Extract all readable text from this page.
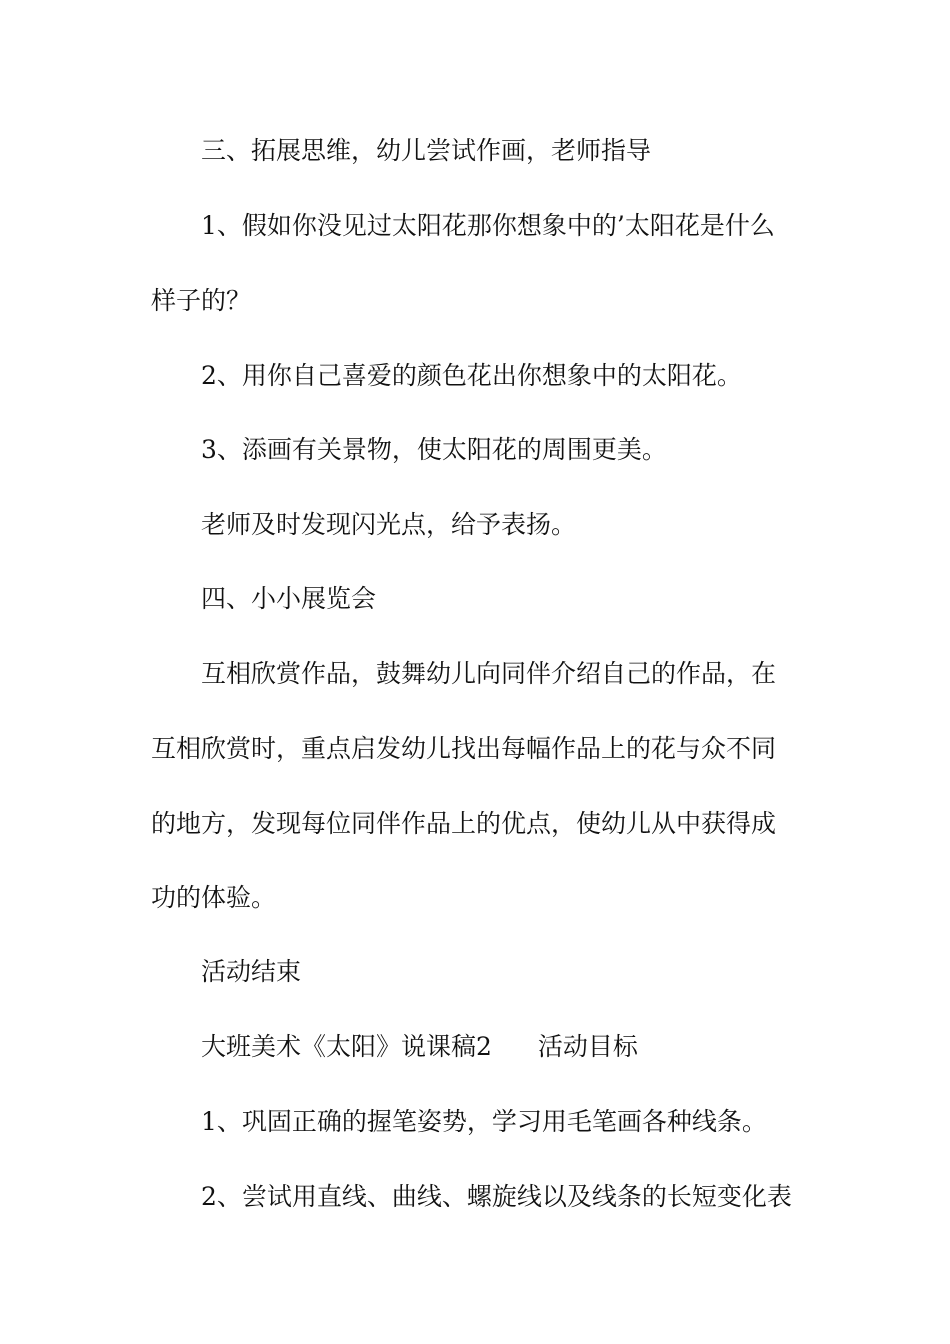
三、拓展思维，幼儿尝试作画，老师指导

1、假如你没见过太阳花那你想象中的’太阳花是什么

样子的？

2、用你自己喜爱的颜色花出你想象中的太阳花。

3、添画有关景物，使太阳花的周围更美。

老师及时发现闪光点，给予表扬。

四、小小展览会

互相欣赏作品，鼓舞幼儿向同伴介绍自己的作品，在

互相欣赏时，重点启发幼儿找出每幅作品上的花与众不同

的地方，发现每位同伴作品上的优点，使幼儿从中获得成

功的体验。

活动结束

大班美术《太阳》说课稿2 活动目标

1、巩固正确的握笔姿势，学习用毛笔画各种线条。

2、尝试用直线、曲线、螺旋线以及线条的长短变化表
